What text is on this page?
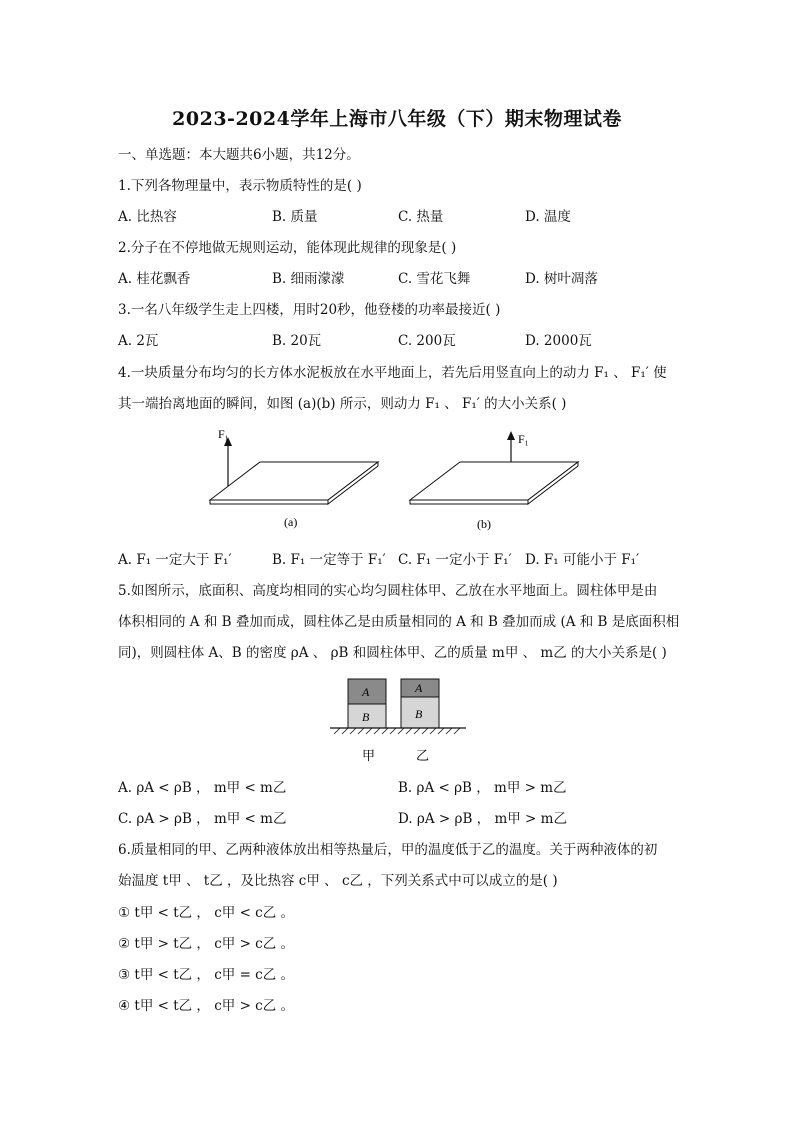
2023-2024学年上海市八年级（下）期末物理试卷
一、单选题：本大题共6小题，共12分。
1.下列各物理量中，表示物质特性的是( )
A. 比热容	B. 质量	C. 热量	D. 温度
2.分子在不停地做无规则运动，能体现此规律的现象是( )
A. 桂花飘香	B. 细雨濛濛	C. 雪花飞舞	D. 树叶凋落
3.一名八年级学生走上四楼，用时20秒，他登楼的功率最接近( )
A. 2瓦	B. 20瓦	C. 200瓦	D. 2000瓦
4.一块质量分布均匀的长方体水泥板放在水平地面上，若先后用竖直向上的动力 F₁ 、 F₁′ 使
其一端抬离地面的瞬间，如图 (a)(b) 所示，则动力 F₁ 、 F₁′ 的大小关系( )
F₁
(a)
F₁
(b)
A. F₁ 一定大于 F₁′	B. F₁ 一定等于 F₁′ C. F₁ 一定小于 F₁′ D. F₁ 可能小于 F₁′
5.如图所示，底面积、高度均相同的实心均匀圆柱体甲、乙放在水平地面上。圆柱体甲是由
体积相同的 A 和 B 叠加而成，圆柱体乙是由质量相同的 A 和 B 叠加而成 (A 和 B 是底面积相
同)，则圆柱体 A、B 的密度 ρA 、 ρB 和圆柱体甲、乙的质量 m甲 、 m乙 的大小关系是( )
A
B
A
B
甲	乙
A. ρA < ρB ， m甲 < m乙	B. ρA < ρB ， m甲 > m乙
C. ρA > ρB ， m甲 < m乙	D. ρA > ρB ， m甲 > m乙
6.质量相同的甲、乙两种液体放出相等热量后，甲的温度低于乙的温度。关于两种液体的初
始温度 t甲 、 t乙 ，及比热容 c甲 、 c乙 ，下列关系式中可以成立的是( )
① t甲 < t乙 ， c甲 < c乙 。
② t甲 > t乙 ， c甲 > c乙 。
③ t甲 < t乙 ， c甲 = c乙 。
④ t甲 < t乙 ， c甲 > c乙 。
